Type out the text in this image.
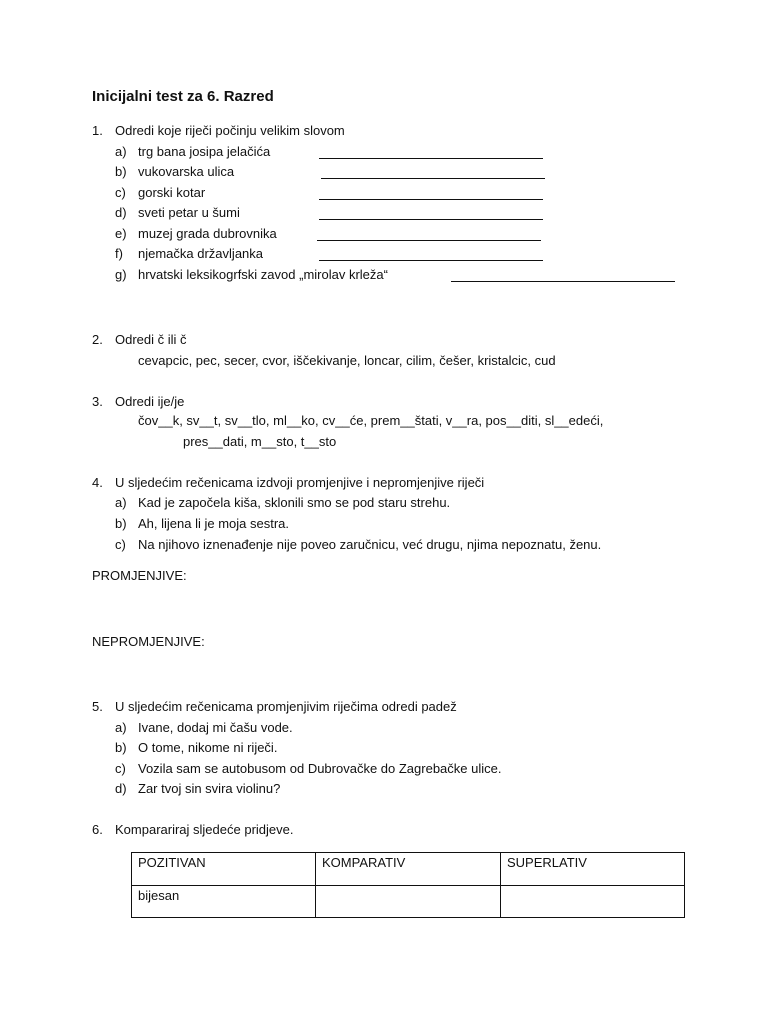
Inicijalni test za 6. Razred
1. Odredi koje riječi počinju velikim slovom
a) trg bana josipa jelačića
b) vukovarska ulica
c) gorski kotar
d) sveti petar u šumi
e) muzej grada dubrovnika
f) njemačka državljanka
g) hrvatski leksikogrfski zavod „mirolav krleža“
2. Odredi č ili č
cevapcic, pec, secer, cvor, iščekivanje, loncar, cilim, češer, kristalcic, cud
3. Odredi ije/je
čov__k, sv__t, sv__tlo, ml__ko, cv__će, prem__štati, v__ra, pos__diti, sl__edeći,
pres__dati, m__sto, t__sto
4. U sljedećim rečenicama izdvoji promjenjive i nepromjenjive riječi
a) Kad je započela kiša, sklonili smo se pod staru strehu.
b) Ah, lijena li je moja sestra.
c) Na njihovo iznenađenje nije poveo zaručnicu, već drugu, njima nepoznatu, ženu.
PROMJENJIVE:
NEPROMJENJIVE:
5. U sljedećim rečenicama promjenjivim riječima odredi padež
a) Ivane, dodaj mi čašu vode.
b) O tome, nikome ni riječi.
c) Vozila sam se autobusom od Dubrovačke do Zagrebačke ulice.
d) Zar tvoj sin svira violinu?
6. Komparariraj sljedeće pridjeve.
POZITIVAN	KOMPARATIV	SUPERLATIV
bijesan		
